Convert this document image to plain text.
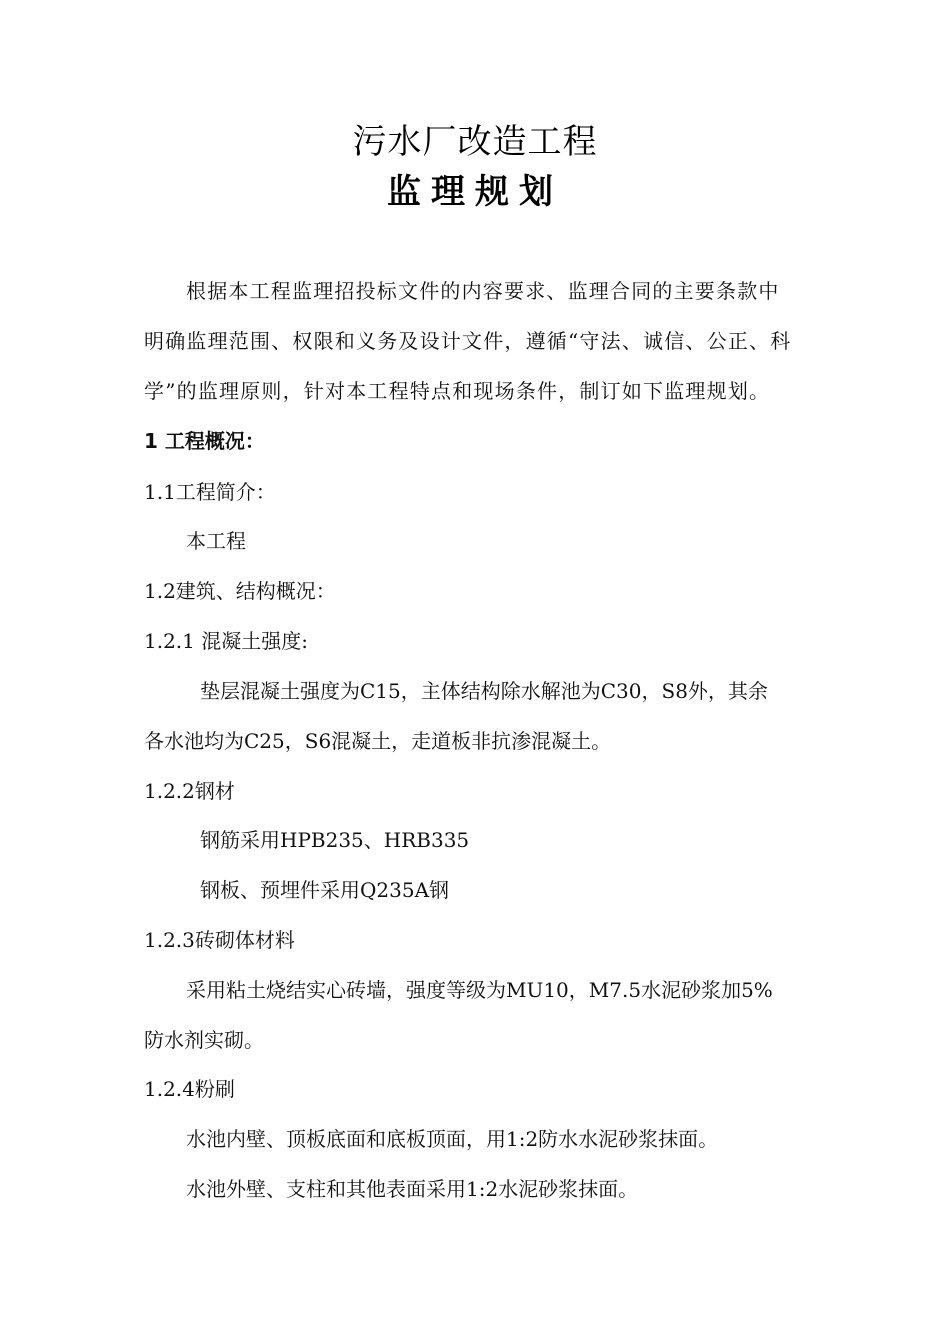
污水厂改造工程
监理规划
根据本工程监理招投标文件的内容要求、监理合同的主要条款中
明确监理范围、权限和义务及设计文件，遵循“守法、诚信、公正、科
学”的监理原则，针对本工程特点和现场条件，制订如下监理规划。
1 工程概况：
1.1工程简介：
本工程
1.2建筑、结构概况：
1.2.1 混凝土强度:
垫层混凝土强度为C15，主体结构除水解池为C30，S8外，其余
各水池均为C25，S6混凝土，走道板非抗渗混凝土。
1.2.2钢材
钢筋采用HPB235、HRB335
钢板、预埋件采用Q235A钢
1.2.3砖砌体材料
采用粘土烧结实心砖墙，强度等级为MU10，M7.5水泥砂浆加5%
防水剂实砌。
1.2.4粉刷
水池内壁、顶板底面和底板顶面，用1:2防水水泥砂浆抹面。
水池外壁、支柱和其他表面采用1:2水泥砂浆抹面。
